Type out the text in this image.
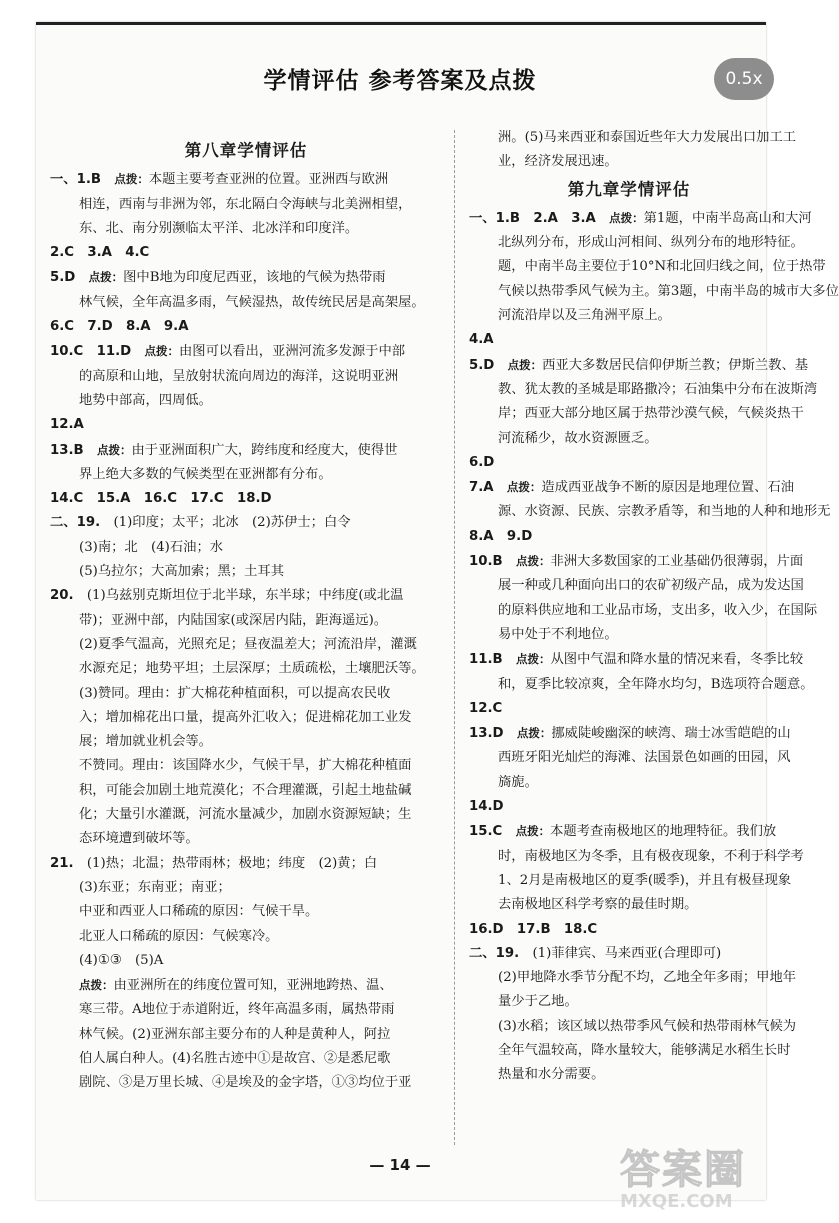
学情评估 参考答案及点拨	0.5x
第八章学情评估

一、1.B　 点拨：本题主要考查亚洲的位置。亚洲西与欧洲

相连，西南与非洲为邻，东北隔白令海峡与北美洲相望，

东、北、南分别濒临太平洋、北冰洋和印度洋。

2.C　3.A　4.C　

5.D　 点拨：图中B地为印度尼西亚，该地的气候为热带雨

林气候，全年高温多雨，气候湿热，故传统民居是高架屋。

6.C　7.D　8.A　9.A　

10.C　11.D　 点拨：由图可以看出，亚洲河流多发源于中部

的高原和山地，呈放射状流向周边的海洋，这说明亚洲

地势中部高，四周低。

12.A　

13.B　 点拨：由于亚洲面积广大，跨纬度和经度大，使得世

界上绝大多数的气候类型在亚洲都有分布。

14.C　15.A　16.C　17.C　18.D　

二、19.　 (1)印度；太平；北冰　(2)苏伊士；白令

(3)南；北　(4)石油；水

(5)乌拉尔；大高加索；黑；土耳其

20.　 (1)乌兹别克斯坦位于北半球，东半球；中纬度(或北温

带)；亚洲中部，内陆国家(或深居内陆，距海遥远)。

(2)夏季气温高，光照充足；昼夜温差大；河流沿岸，灌溉

水源充足；地势平坦；土层深厚；土质疏松，土壤肥沃等。

(3)赞同。理由：扩大棉花种植面积，可以提高农民收

入；增加棉花出口量，提高外汇收入；促进棉花加工业发

展；增加就业机会等。

不赞同。理由：该国降水少，气候干旱，扩大棉花种植面

积，可能会加剧土地荒漠化；不合理灌溉，引起土地盐碱

化；大量引水灌溉，河流水量减少，加剧水资源短缺；生

态环境遭到破坏等。

21.　 (1)热；北温；热带雨林；极地；纬度　(2)黄；白

(3)东亚；东南亚；南亚；

中亚和西亚人口稀疏的原因：气候干旱。

北亚人口稀疏的原因：气候寒冷。

(4)①③　(5)A

点拨：由亚洲所在的纬度位置可知，亚洲地跨热、温、

寒三带。A地位于赤道附近，终年高温多雨，属热带雨

林气候。(2)亚洲东部主要分布的人种是黄种人，阿拉

伯人属白种人。(4)名胜古迹中①是故宫、②是悉尼歌

剧院、③是万里长城、④是埃及的金字塔，①③均位于亚

洲。(5)马来西亚和泰国近些年大力发展出口加工工

业，经济发展迅速。

第九章学情评估

一、1.B　2.A　3.A　 点拨：第1题，中南半岛高山和大河

北纵列分布，形成山河相间、纵列分布的地形特征。

题，中南半岛主要位于10°N和北回归线之间，位于热带

气候以热带季风气候为主。第3题，中南半岛的城市大多位

河流沿岸以及三角洲平原上。

4.A　

5.D　 点拨：西亚大多数居民信仰伊斯兰教；伊斯兰教、基

教、犹太教的圣城是耶路撒冷；石油集中分布在波斯湾

岸；西亚大部分地区属于热带沙漠气候，气候炎热干

河流稀少，故水资源匮乏。

6.D　

7.A　 点拨：造成西亚战争不断的原因是地理位置、石油

源、水资源、民族、宗教矛盾等，和当地的人种和地形无

8.A　9.D　

10.B　 点拨：非洲大多数国家的工业基础仍很薄弱，片面

展一种或几种面向出口的农矿初级产品，成为发达国

的原料供应地和工业品市场，支出多，收入少，在国际

易中处于不利地位。

11.B　 点拨：从图中气温和降水量的情况来看，冬季比较

和，夏季比较凉爽，全年降水均匀，B选项符合题意。

12.C　

13.D　 点拨：挪威陡峻幽深的峡湾、瑞士冰雪皑皑的山

西班牙阳光灿烂的海滩、法国景色如画的田园，风

旖旎。

14.D　

15.C　 点拨：本题考查南极地区的地理特征。我们放

时，南极地区为冬季，且有极夜现象，不利于科学考

1、2月是南极地区的夏季(暖季)，并且有极昼现象

去南极地区科学考察的最佳时期。

16.D　17.B　18.C　

二、19.　 (1)菲律宾、马来西亚(合理即可)

(2)甲地降水季节分配不均，乙地全年多雨；甲地年

量少于乙地。

(3)水稻；该区域以热带季风气候和热带雨林气候为

全年气温较高，降水量较大，能够满足水稻生长时

热量和水分需要。

— 14 —	答案圈
MXQE.COM
